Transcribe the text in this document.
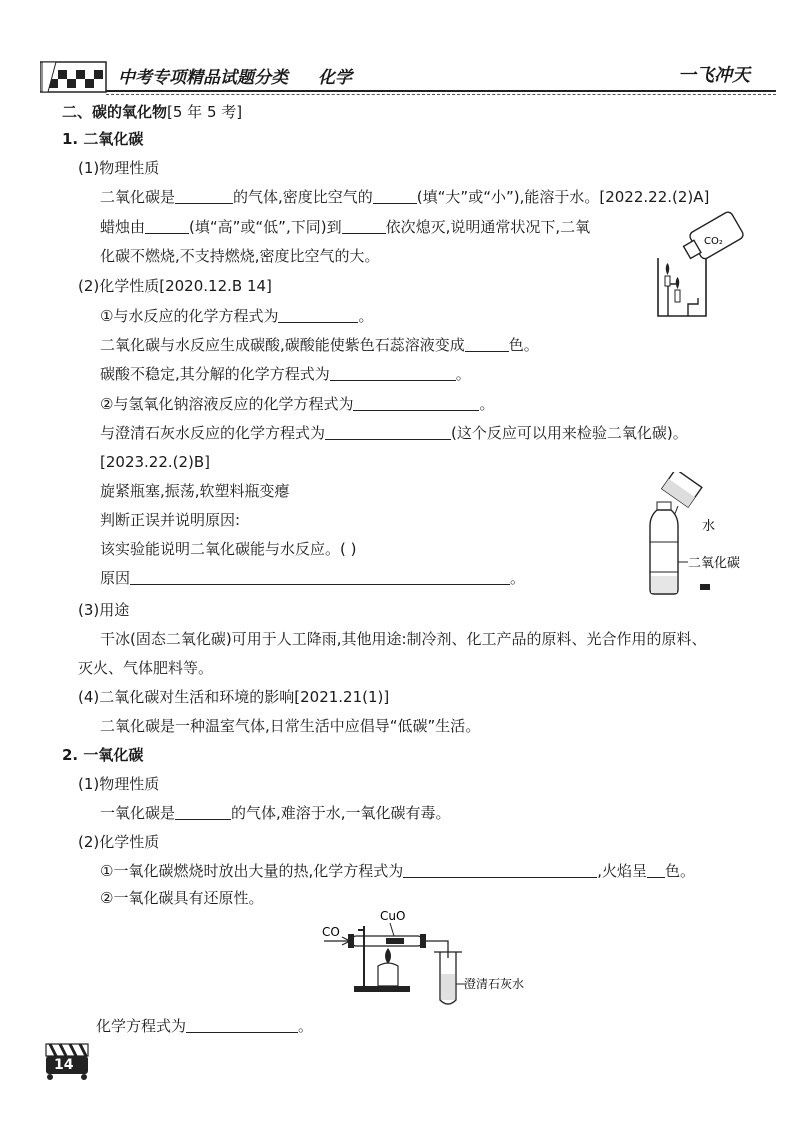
中考专项精品试题分类 化学	一飞冲天
二、碳的氧化物[5 年 5 考]
1. 二氧化碳
(1)物理性质
二氧化碳是	的气体,密度比空气的	(填“大”或“小”),能溶于水。[2022.22.(2)A]
蜡烛由	(填“高”或“低”,下同)到	依次熄灭,说明通常状况下,二氧
化碳不燃烧,不支持燃烧,密度比空气的大。
CO₂
(2)化学性质[2020.12.B 14]
①与水反应的化学方程式为	。
二氧化碳与水反应生成碳酸,碳酸能使紫色石蕊溶液变成	色。
碳酸不稳定,其分解的化学方程式为	。
②与氢氧化钠溶液反应的化学方程式为	。
与澄清石灰水反应的化学方程式为	(这个反应可以用来检验二氧化碳)。
[2023.22.(2)B]
旋紧瓶塞,振荡,软塑料瓶变瘪
判断正误并说明原因:
该实验能说明二氧化碳能与水反应。( )
原因	。
水
二氧化碳
(3)用途
干冰(固态二氧化碳)可用于人工降雨,其他用途:制冷剂、化工产品的原料、光合作用的原料、
灭火、气体肥料等。
(4)二氧化碳对生活和环境的影响[2021.21(1)]
二氧化碳是一种温室气体,日常生活中应倡导“低碳”生活。
2. 一氧化碳
(1)物理性质
一氧化碳是	的气体,难溶于水,一氧化碳有毒。
(2)化学性质
①一氧化碳燃烧时放出大量的热,化学方程式为	,火焰呈 色。
②一氧化碳具有还原性。
CO
CuO
澄清石灰水
化学方程式为	。
14
